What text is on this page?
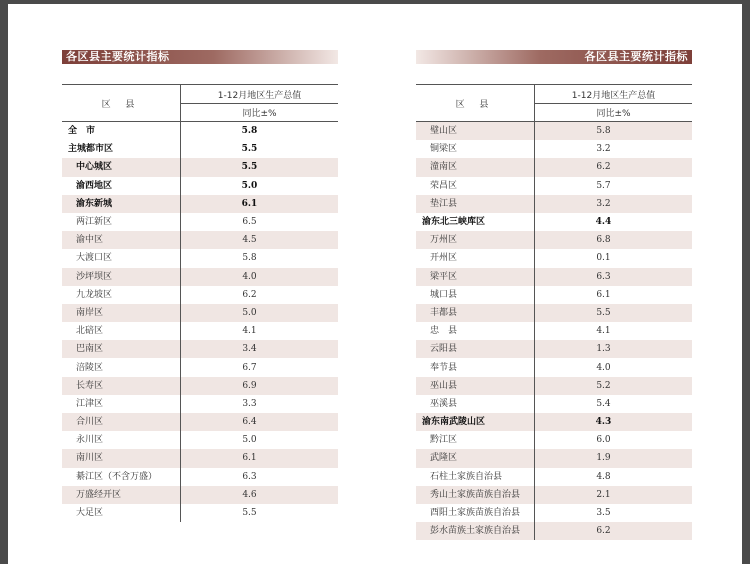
各区县主要统计指标
区 县	1-12月地区生产总值
	同比±%
全　市	5.8
主城都市区	5.5
中心城区	5.5
渝西地区	5.0
渝东新城	6.1
两江新区	6.5
渝中区	4.5
大渡口区	5.8
沙坪坝区	4.0
九龙坡区	6.2
南岸区	5.0
北碚区	4.1
巴南区	3.4
涪陵区	6.7
长寿区	6.9
江津区	3.3
合川区	6.4
永川区	5.0
南川区	6.1
綦江区（不含万盛）	6.3
万盛经开区	4.6
大足区	5.5
各区县主要统计指标
区 县	1-12月地区生产总值
	同比±%
璧山区	5.8
铜梁区	3.2
潼南区	6.2
荣昌区	5.7
垫江县	3.2
渝东北三峡库区	4.4
万州区	6.8
开州区	0.1
梁平区	6.3
城口县	6.1
丰都县	5.5
忠　县	4.1
云阳县	1.3
奉节县	4.0
巫山县	5.2
巫溪县	5.4
渝东南武陵山区	4.3
黔江区	6.0
武隆区	1.9
石柱土家族自治县	4.8
秀山土家族苗族自治县	2.1
酉阳土家族苗族自治县	3.5
彭水苗族土家族自治县	6.2
